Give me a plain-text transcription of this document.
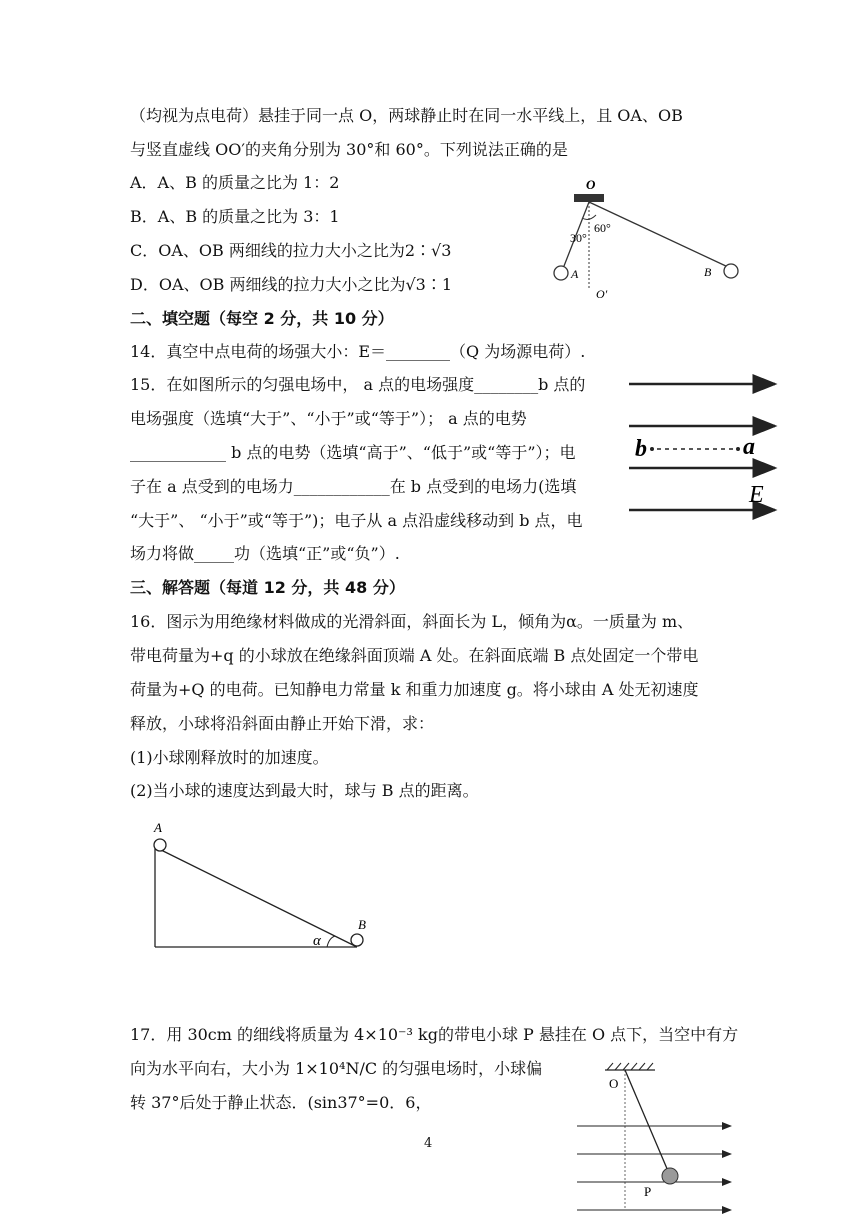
（均视为点电荷）悬挂于同一点 O，两球静止时在同一水平线上，且 OA、OB
与竖直虚线 OO′的夹角分别为 30°和 60°。下列说法正确的是
A．A、B 的质量之比为 1：2
B．A、B 的质量之比为 3：1
C．OA、OB 两细线的拉力大小之比为2∶√3
D．OA、OB 两细线的拉力大小之比为√3∶1
O
30°
60°
A	B
O′
二、填空题（每空 2 分，共 10 分）
14．真空中点电荷的场强大小：E＝________（Q 为场源电荷）.
15．在如图所示的匀强电场中， a 点的电场强度________b 点的
电场强度（选填“大于”、“小于”或“等于”）； a 点的电势
____________ b 点的电势（选填“高于”、“低于”或“等于”）；电
子在 a 点受到的电场力____________在 b 点受到的电场力(选填
“大于”、 “小于”或“等于”)；电子从 a 点沿虚线移动到 b 点，电
场力将做_____功（选填“正”或“负”）.
b	a
E
三、解答题（每道 12 分，共 48 分）
16．图示为用绝缘材料做成的光滑斜面，斜面长为 L，倾角为α。一质量为 m、
带电荷量为+q 的小球放在绝缘斜面顶端 A 处。在斜面底端 B 点处固定一个带电
荷量为+Q 的电荷。已知静电力常量 k 和重力加速度 g。将小球由 A 处无初速度
释放，小球将沿斜面由静止开始下滑，求：
(1)小球刚释放时的加速度。
(2)当小球的速度达到最大时，球与 B 点的距离。
A
B
α
17．用 30cm 的细线将质量为 4×10⁻³ kg的带电小球 P 悬挂在 O 点下，当空中有方
向为水平向右，大小为 1×10⁴N/C 的匀强电场时，小球偏
转 37°后处于静止状态．(sin37°=0．6，
O
P
4
